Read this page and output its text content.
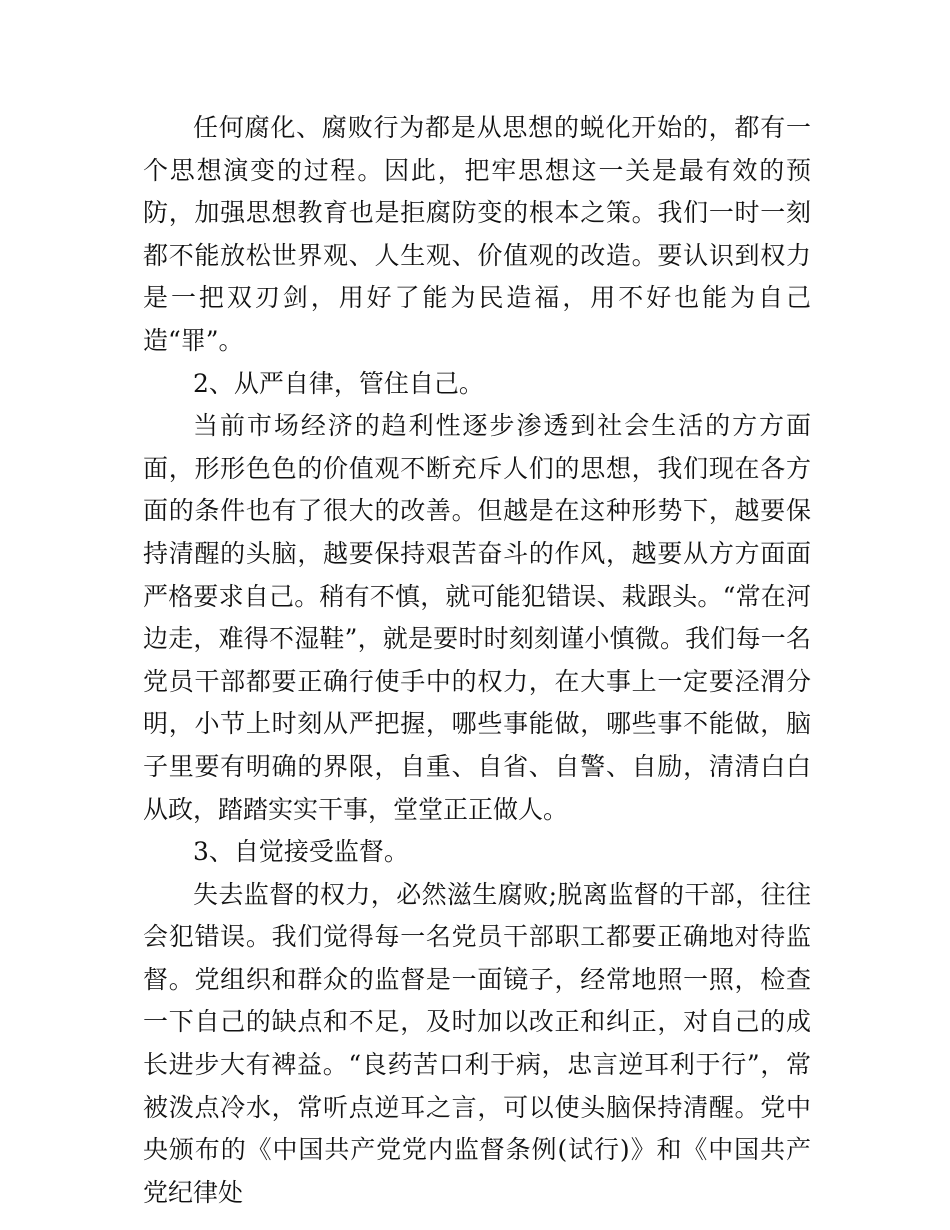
任何腐化、腐败行为都是从思想的蜕化开始的，都有一个思想演变的过程。因此，把牢思想这一关是最有效的预防，加强思想教育也是拒腐防变的根本之策。我们一时一刻都不能放松世界观、人生观、价值观的改造。要认识到权力是一把双刃剑，用好了能为民造福，用不好也能为自己造“罪”。

2、从严自律，管住自己。

当前市场经济的趋利性逐步渗透到社会生活的方方面面，形形色色的价值观不断充斥人们的思想，我们现在各方面的条件也有了很大的改善。但越是在这种形势下，越要保持清醒的头脑，越要保持艰苦奋斗的作风，越要从方方面面严格要求自己。稍有不慎，就可能犯错误、栽跟头。“常在河边走，难得不湿鞋”，就是要时时刻刻谨小慎微。我们每一名党员干部都要正确行使手中的权力，在大事上一定要泾渭分明，小节上时刻从严把握，哪些事能做，哪些事不能做，脑子里要有明确的界限，自重、自省、自警、自励，清清白白从政，踏踏实实干事，堂堂正正做人。

3、自觉接受监督。

失去监督的权力，必然滋生腐败;脱离监督的干部，往往会犯错误。我们觉得每一名党员干部职工都要正确地对待监督。党组织和群众的监督是一面镜子，经常地照一照，检查一下自己的缺点和不足，及时加以改正和纠正，对自己的成长进步大有裨益。“良药苦口利于病，忠言逆耳利于行”，常被泼点冷水，常听点逆耳之言，可以使头脑保持清醒。党中央颁布的《中国共产党党内监督条例(试行)》和《中国共产党纪律处
